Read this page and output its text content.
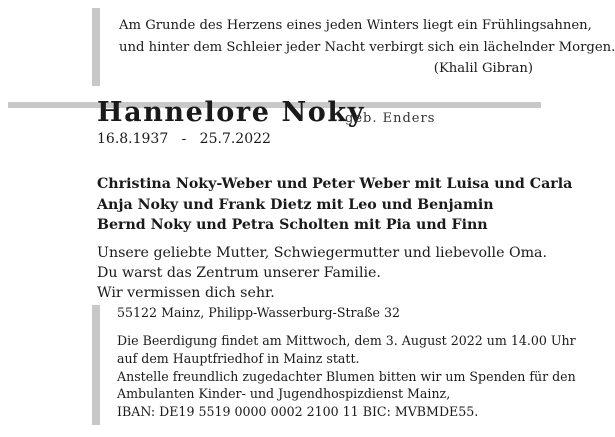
Am Grunde des Herzens eines jeden Winters liegt ein Frühlingsahnen,
und hinter dem Schleier jeder Nacht verbirgt sich ein lächelnder Morgen.
(Khalil Gibran)
Hannelore Noky
geb. Enders
16.8.1937   -   25.7.2022
Christina Noky-Weber und Peter Weber mit Luisa und Carla
Anja Noky und Frank Dietz mit Leo und Benjamin
Bernd Noky und Petra Scholten mit Pia und Finn
Unsere geliebte Mutter, Schwiegermutter und liebevolle Oma.
Du warst das Zentrum unserer Familie.
Wir vermissen dich sehr.
55122 Mainz, Philipp-Wasserburg-Straße 32
Die Beerdigung findet am Mittwoch, dem 3. August 2022 um 14.00 Uhr
auf dem Hauptfriedhof in Mainz statt.
Anstelle freundlich zugedachter Blumen bitten wir um Spenden für den
Ambulanten Kinder- und Jugendhospizdienst Mainz,
IBAN: DE19 5519 0000 0002 2100 11 BIC: MVBMDE55.
